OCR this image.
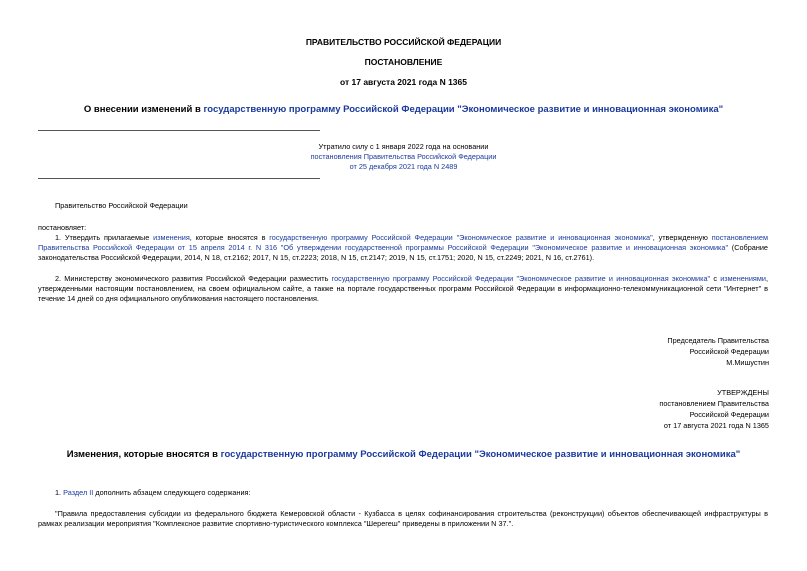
ПРАВИТЕЛЬСТВО РОССИЙСКОЙ ФЕДЕРАЦИИ
ПОСТАНОВЛЕНИЕ
от 17 августа 2021 года N 1365
О внесении изменений в государственную программу Российской Федерации "Экономическое развитие и инновационная экономика"
Утратило силу с 1 января 2022 года на основании
постановления Правительства Российской Федерации
от 25 декабря 2021 года N 2489
Правительство Российской Федерации
постановляет:
1. Утвердить прилагаемые изменения, которые вносятся в государственную программу Российской Федерации "Экономическое развитие и инновационная экономика", утвержденную постановлением Правительства Российской Федерации от 15 апреля 2014 г. N 316 "Об утверждении государственной программы Российской Федерации "Экономическое развитие и инновационная экономика" (Собрание законодательства Российской Федерации, 2014, N 18, ст.2162; 2017, N 15, ст.2223; 2018, N 15, ст.2147; 2019, N 15, ст.1751; 2020, N 15, ст.2249; 2021, N 16, ст.2761).
2. Министерству экономического развития Российской Федерации разместить государственную программу Российской Федерации "Экономическое развитие и инновационная экономика" с изменениями, утвержденными настоящим постановлением, на своем официальном сайте, а также на портале государственных программ Российской Федерации в информационно-телекоммуникационной сети "Интернет" в течение 14 дней со дня официального опубликования настоящего постановления.
Председатель Правительства
Российской Федерации
М.Мишустин
УТВЕРЖДЕНЫ
постановлением Правительства
Российской Федерации
от 17 августа 2021 года N 1365
Изменения, которые вносятся в государственную программу Российской Федерации "Экономическое развитие и инновационная экономика"
1. Раздел II дополнить абзацем следующего содержания:
"Правила предоставления субсидии из федерального бюджета Кемеровской области - Кузбасса в целях софинансирования строительства (реконструкции) объектов обеспечивающей инфраструктуры в рамках реализации мероприятия "Комплексное развитие спортивно-туристического комплекса "Шерегеш" приведены в приложении N 37.".
